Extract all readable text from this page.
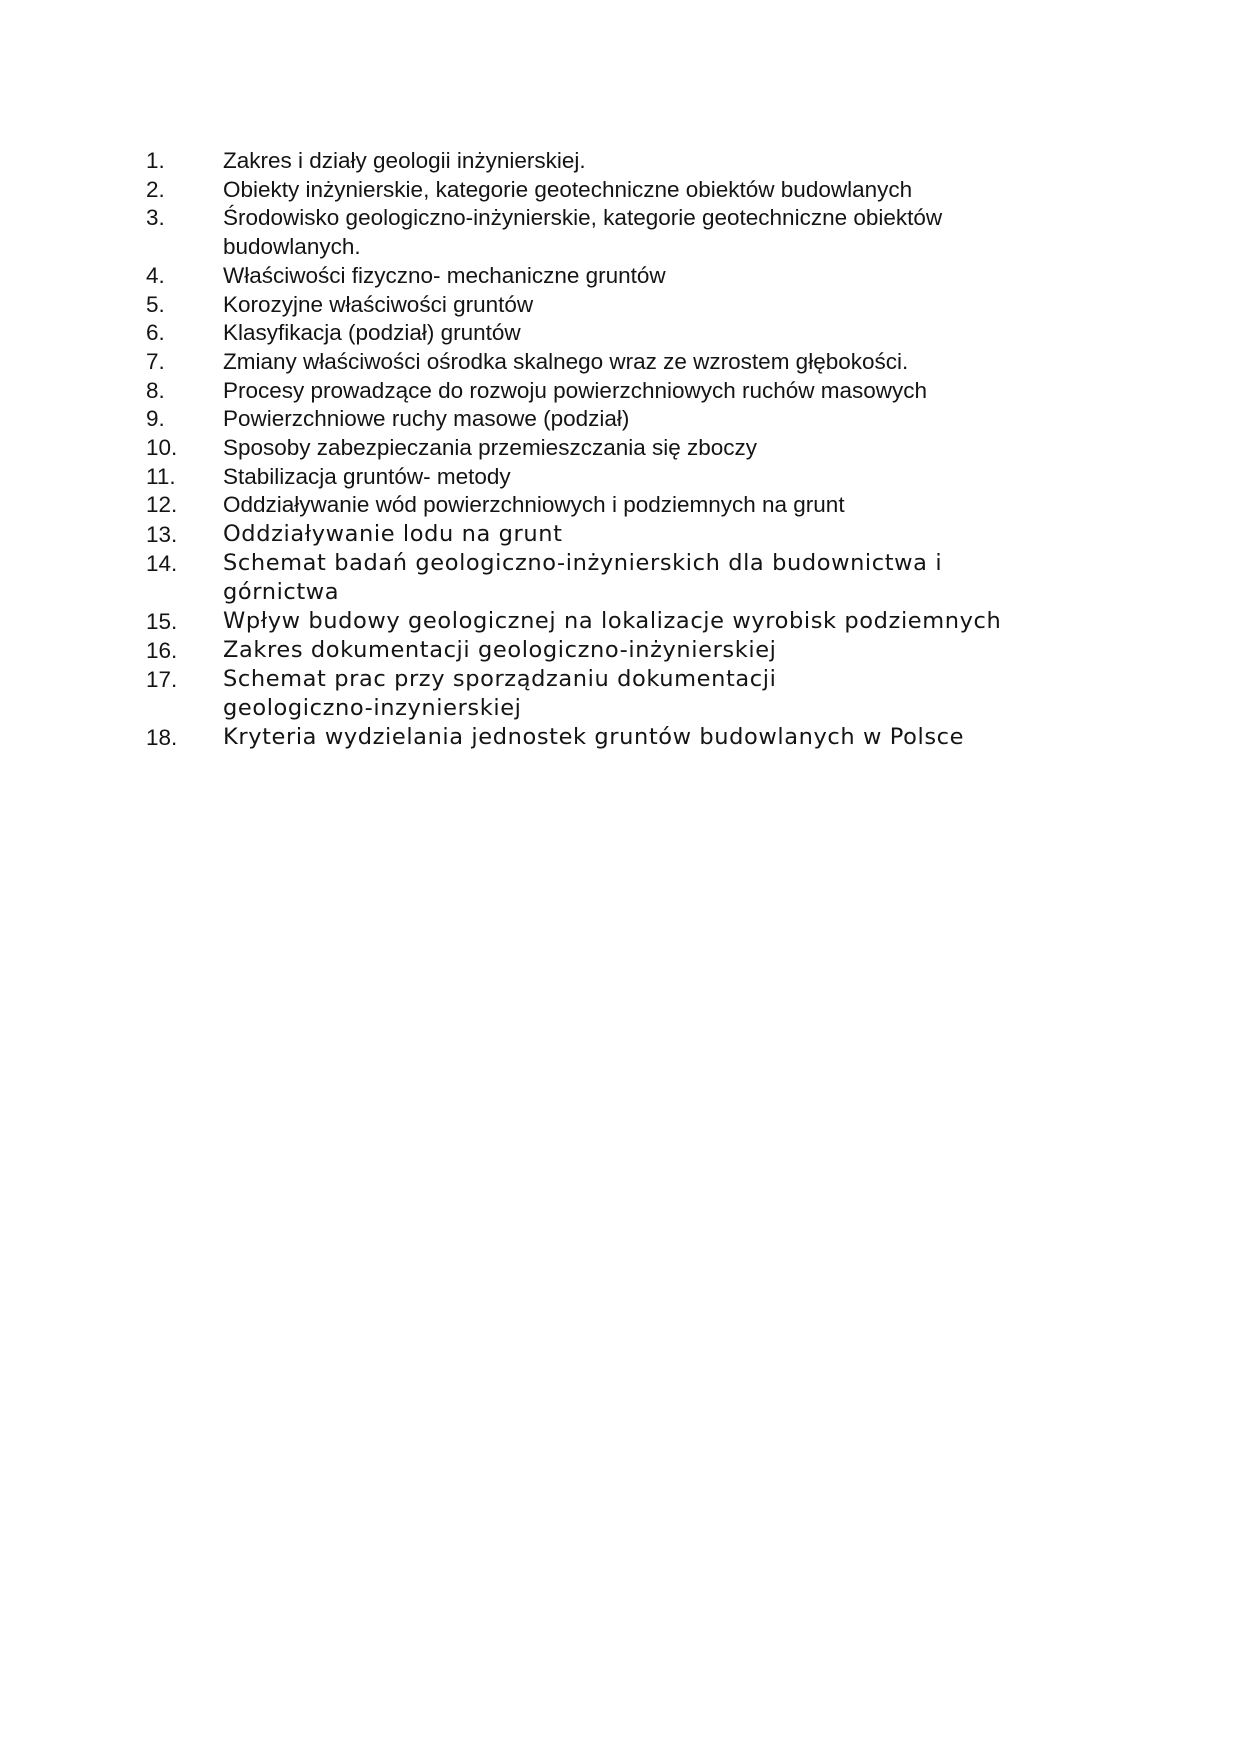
1.	Zakres i działy geologii inżynierskiej.
2.	Obiekty inżynierskie, kategorie geotechniczne obiektów budowlanych
3.	Środowisko geologiczno-inżynierskie, kategorie geotechniczne obiektów budowlanych.
4.	Właściwości fizyczno- mechaniczne gruntów
5.	Korozyjne właściwości gruntów
6.	Klasyfikacja (podział) gruntów
7.	Zmiany właściwości ośrodka skalnego wraz ze wzrostem głębokości.
8.	Procesy prowadzące do rozwoju powierzchniowych ruchów masowych
9.	Powierzchniowe ruchy masowe (podział)
10.	Sposoby zabezpieczania przemieszczania się zboczy
11.	Stabilizacja gruntów- metody
12.	Oddziaływanie wód powierzchniowych i podziemnych na grunt
13.	Oddziaływanie lodu na grunt
14.	Schemat badań geologiczno-inżynierskich dla budownictwa i górnictwa
15.	Wpływ budowy geologicznej na lokalizacje wyrobisk podziemnych
16.	Zakres dokumentacji geologiczno-inżynierskiej
17.	Schemat prac przy sporządzaniu dokumentacji geologiczno-inzynierskiej
18.	Kryteria wydzielania jednostek gruntów budowlanych w Polsce
